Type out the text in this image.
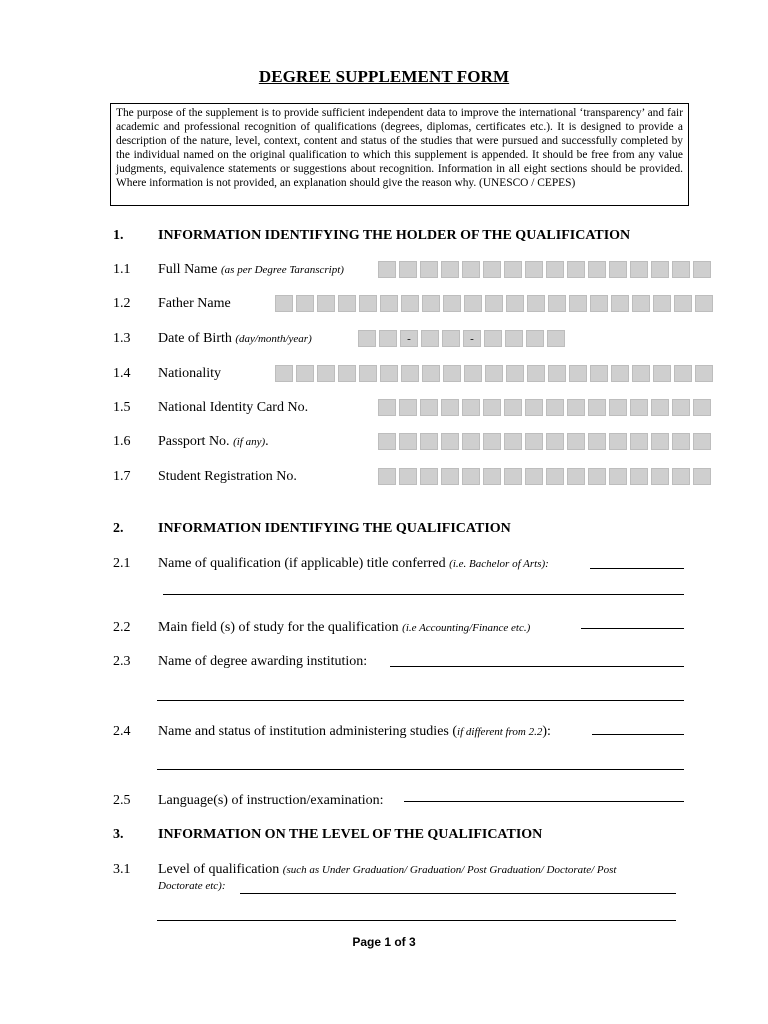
DEGREE SUPPLEMENT FORM
The purpose of the supplement is to provide sufficient independent data to improve the international ‘transparency’ and fair academic and professional recognition of qualifications (degrees, diplomas, certificates etc.). It is designed to provide a description of the nature, level, context, content and status of the studies that were pursued and successfully completed by the individual named on the original qualification to which this supplement is appended. It should be free from any value judgments, equivalence statements or suggestions about recognition. Information in all eight sections should be provided. Where information is not provided, an explanation should give the reason why. (UNESCO / CEPES)
1. INFORMATION IDENTIFYING THE HOLDER OF THE QUALIFICATION
1.1 Full Name (as per Degree Taranscript)
1.2 Father Name
1.3 Date of Birth (day/month/year)	-	-
1.4 Nationality
1.5 National Identity Card No.
1.6 Passport No. (if any).
1.7 Student Registration No.
2. INFORMATION IDENTIFYING THE QUALIFICATION
2.1 Name of qualification (if applicable) title conferred (i.e. Bachelor of Arts):
2.2 Main field (s) of study for the qualification (i.e Accounting/Finance etc.)
2.3 Name of degree awarding institution:
2.4 Name and status of institution administering studies (if different from 2.2):
2.5 Language(s) of instruction/examination:
3. INFORMATION ON THE LEVEL OF THE QUALIFICATION
3.1 Level of qualification (such as Under Graduation/ Graduation/ Post Graduation/ Doctorate/ Post
Doctorate etc):
Page 1 of 3
